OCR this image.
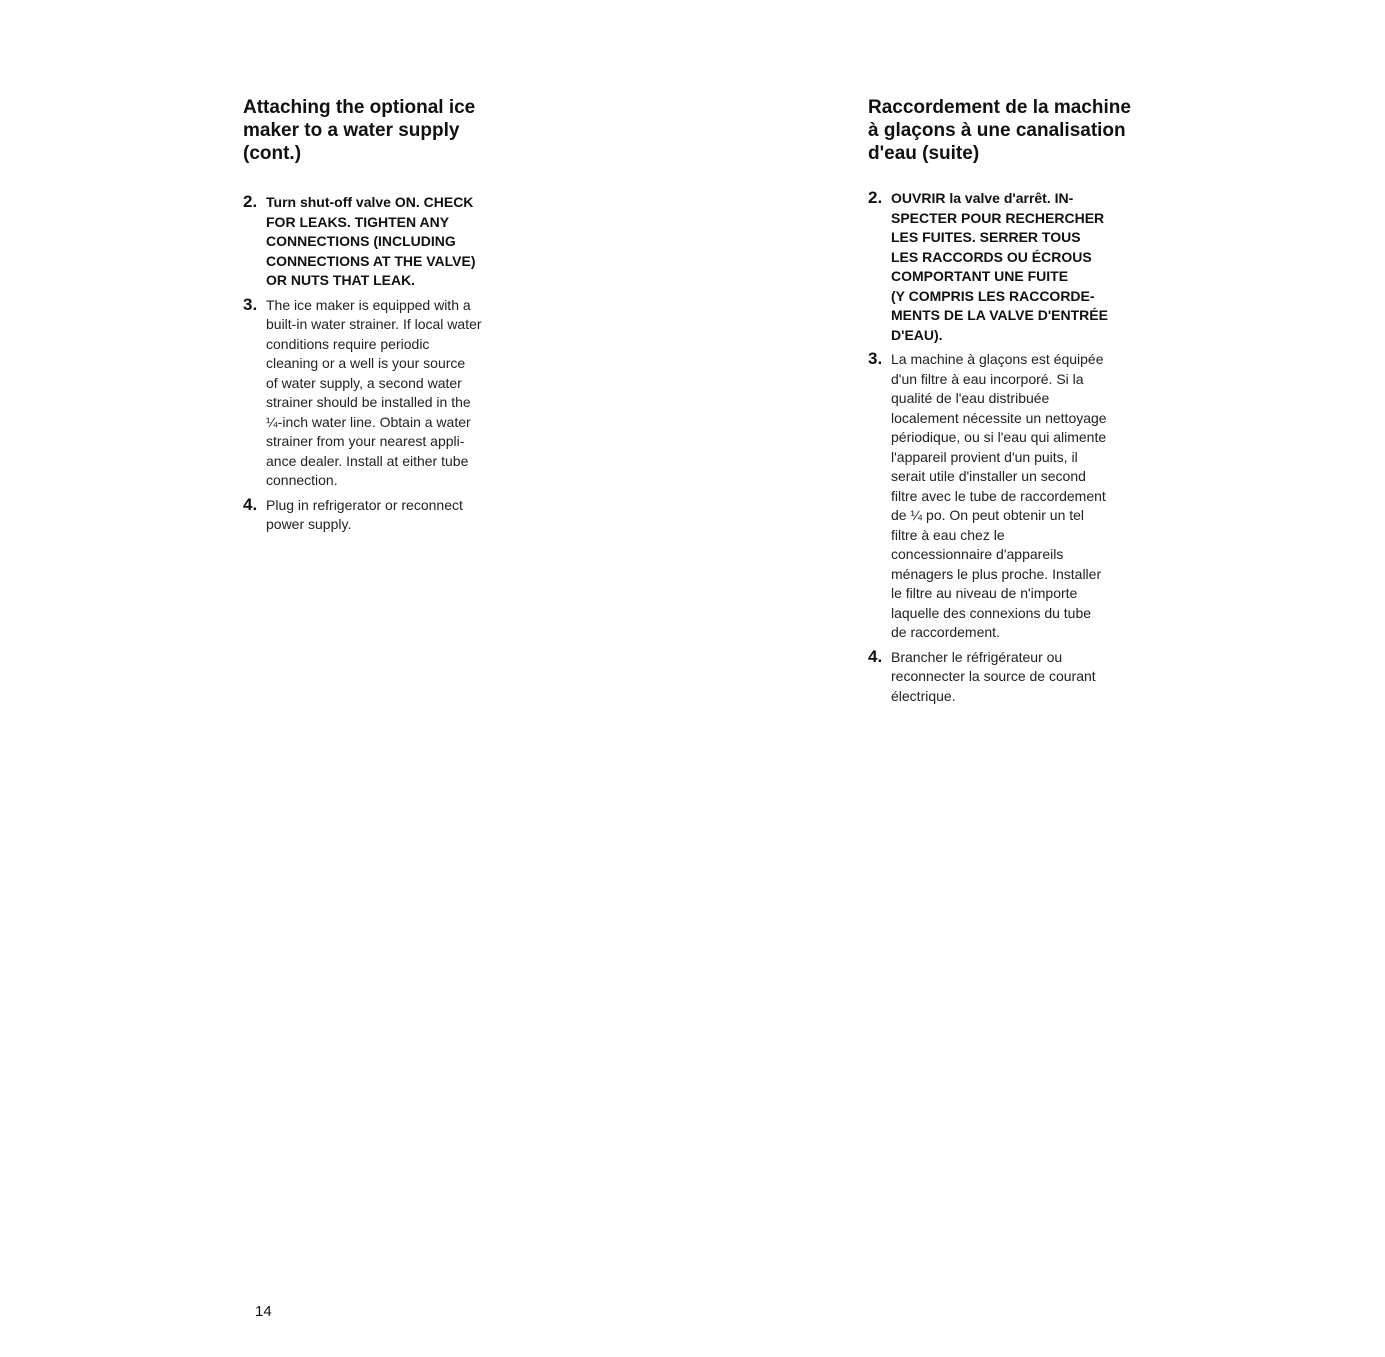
Attaching the optional ice
maker to a water supply
(cont.)
2. Turn shut-off valve ON. CHECK
FOR LEAKS. TIGHTEN ANY
CONNECTIONS (INCLUDING
CONNECTIONS AT THE VALVE)
OR NUTS THAT LEAK.
3. The ice maker is equipped with a
built-in water strainer. If local water
conditions require periodic
cleaning or a well is your source
of water supply, a second water
strainer should be installed in the
¼-inch water line. Obtain a water
strainer from your nearest appli-
ance dealer. Install at either tube
connection.
4. Plug in refrigerator or reconnect
power supply.
Raccordement de la machine
à glaçons à une canalisation
d'eau (suite)
2. OUVRIR la valve d'arrêt. IN-
SPECTER POUR RECHERCHER
LES FUITES. SERRER TOUS
LES RACCORDS OU ÉCROUS
COMPORTANT UNE FUITE
(Y COMPRIS LES RACCORDE-
MENTS DE LA VALVE D'ENTRÉE
D'EAU).
3. La machine à glaçons est équipée
d'un filtre à eau incorporé. Si la
qualité de l'eau distribuée
localement nécessite un nettoyage
périodique, ou si l'eau qui alimente
l'appareil provient d'un puits, il
serait utile d'installer un second
filtre avec le tube de raccordement
de ¼ po. On peut obtenir un tel
filtre à eau chez le
concessionnaire d'appareils
ménagers le plus proche. Installer
le filtre au niveau de n'importe
laquelle des connexions du tube
de raccordement.
4. Brancher le réfrigérateur ou
reconnecter la source de courant
électrique.
14
